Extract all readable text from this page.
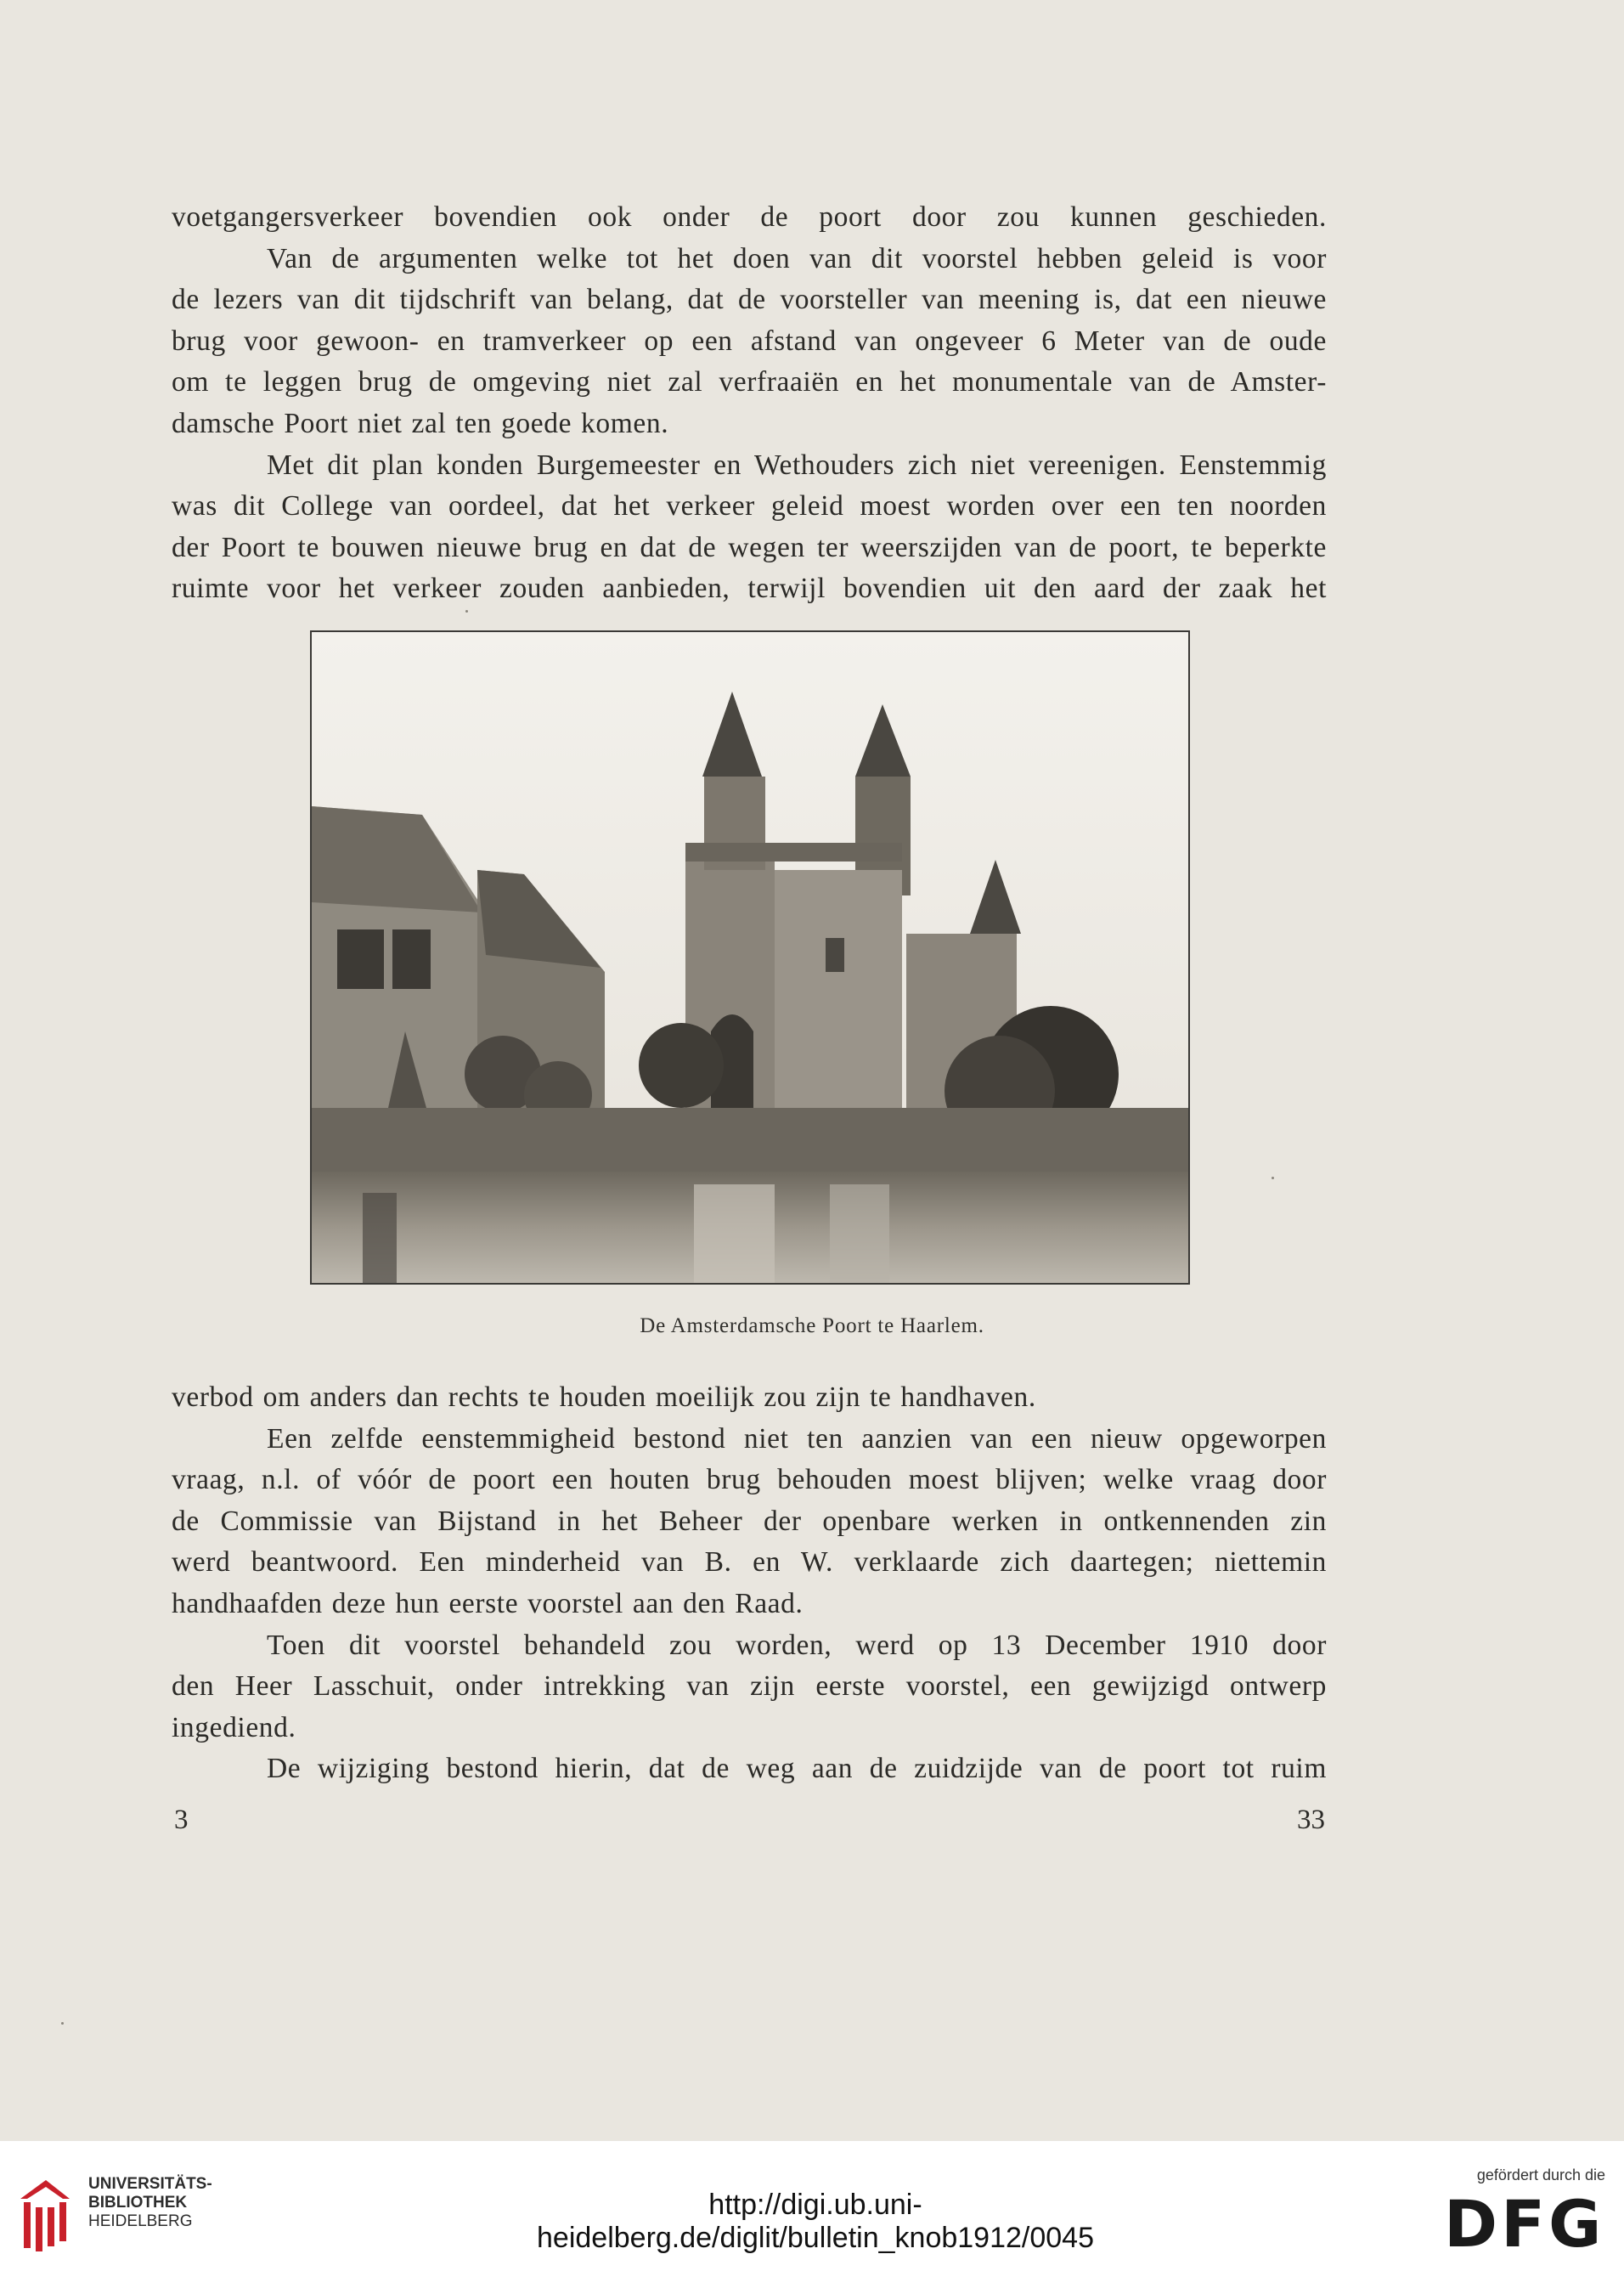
voetgangersverkeer bovendien ook onder de poort door zou kunnen geschieden.

Van de argumenten welke tot het doen van dit voorstel hebben geleid is voor

de lezers van dit tijdschrift van belang, dat de voorsteller van meening is, dat een nieuwe

brug voor gewoon- en tramverkeer op een afstand van ongeveer 6 Meter van de oude

om te leggen brug de omgeving niet zal verfraaiën en het monumentale van de Amster-

damsche Poort niet zal ten goede komen.

Met dit plan konden Burgemeester en Wethouders zich niet vereenigen. Eenstemmig

was dit College van oordeel, dat het verkeer geleid moest worden over een ten noorden

der Poort te bouwen nieuwe brug en dat de wegen ter weerszijden van de poort, te beperkte

ruimte voor het verkeer zouden aanbieden, terwijl bovendien uit den aard der zaak het

De Amsterdamsche Poort te Haarlem.

verbod om anders dan rechts te houden moeilijk zou zijn te handhaven.

Een zelfde eenstemmigheid bestond niet ten aanzien van een nieuw opgeworpen

vraag, n.l. of vóór de poort een houten brug behouden moest blijven; welke vraag door

de Commissie van Bijstand in het Beheer der openbare werken in ontkennenden zin

werd beantwoord. Een minderheid van B. en W. verklaarde zich daartegen; niettemin

handhaafden deze hun eerste voorstel aan den Raad.

Toen dit voorstel behandeld zou worden, werd op 13 December 1910 door

den Heer Lasschuit, onder intrekking van zijn eerste voorstel, een gewijzigd ontwerp

ingediend.

De wijziging bestond hierin, dat de weg aan de zuidzijde van de poort tot ruim

3	33
UNIVERSITÄTS-
BIBLIOTHEK
HEIDELBERG
http://digi.ub.uni-heidelberg.de/diglit/bulletin_knob1912/0045
gefördert durch die
DFG
